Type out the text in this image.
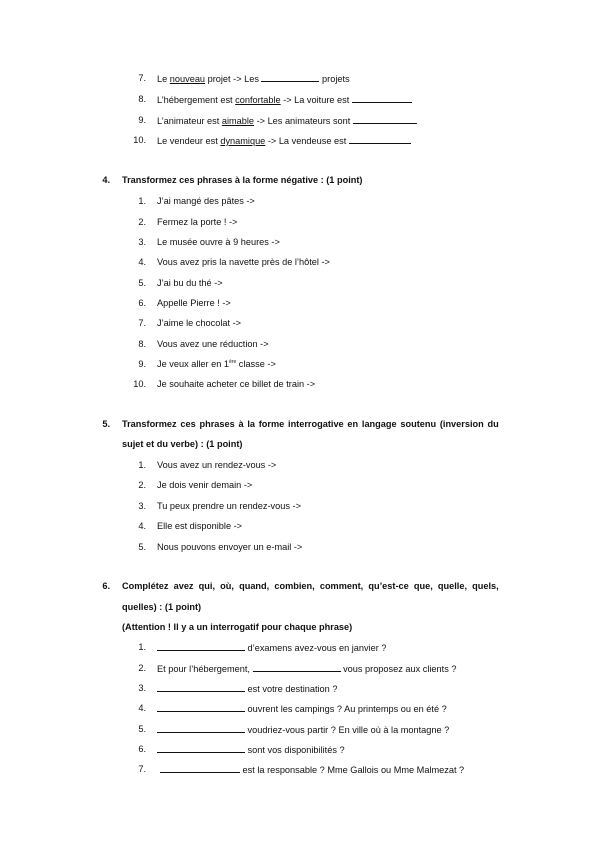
7. Le nouveau projet -> Les	projets
8. L’hébergement est confortable -> La voiture est
9. L’animateur est aimable -> Les animateurs sont
10. Le vendeur est dynamique -> La vendeuse est
4. Transformez ces phrases à la forme négative : (1 point)
1. J’ai mangé des pâtes ->
2. Fermez la porte ! ->
3. Le musée ouvre à 9 heures ->
4. Vous avez pris la navette près de l’hôtel ->
5. J’ai bu du thé ->
6. Appelle Pierre ! ->
7. J’aime le chocolat ->
8. Vous avez une réduction ->
9. Je veux aller en 1ère classe ->
10. Je souhaite acheter ce billet de train ->
5. Transformez ces phrases à la forme interrogative en langage soutenu (inversion du
sujet et du verbe) : (1 point)
1. Vous avez un rendez-vous ->
2. Je dois venir demain ->
3. Tu peux prendre un rendez-vous ->
4. Elle est disponible ->
5. Nous pouvons envoyer un e-mail ->
6. Complétez avez qui, où, quand, combien, comment, qu’est-ce que, quelle, quels,
quelles) : (1 point)
(Attention ! Il y a un interrogatif pour chaque phrase)
1.	d’examens avez-vous en janvier ?
2. Et pour l’hébergement,	vous proposez aux clients ?
3.	est votre destination ?
4.	ouvrent les campings ? Au printemps ou en été ?
5.	voudriez-vous partir ? En ville où à la montagne ?
6.	sont vos disponibilités ?
7.	est la responsable ? Mme Gallois ou Mme Malmezat ?
